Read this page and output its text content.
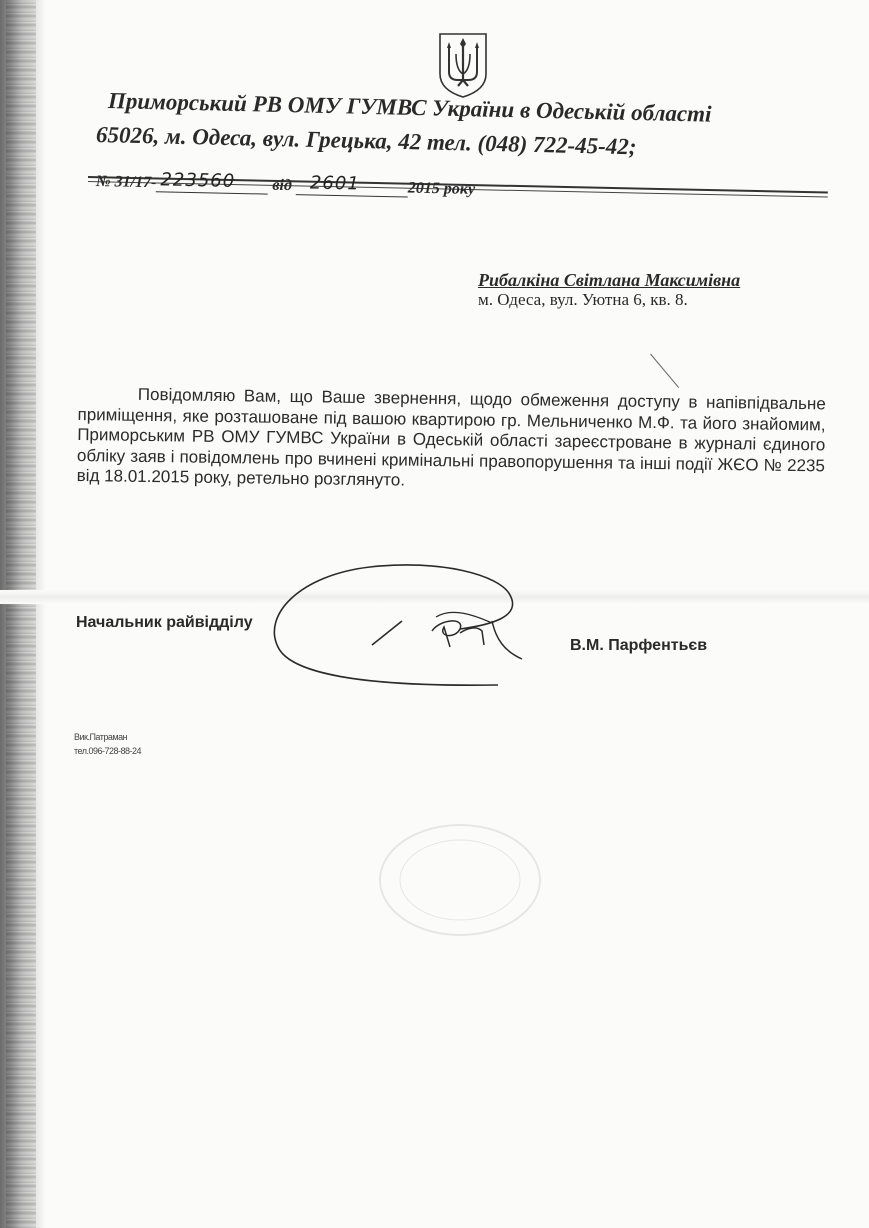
Приморський РВ ОМУ ГУМВС України в Одеській області
65026, м. Одеса, вул. Грецька, 42 тел. (048) 722-45-42;
№ 31/17- 223560 від 2601	2015 року
Рибалкіна Світлана Максимівна
м. Одеса, вул. Уютна 6, кв. 8.
Повідомляю Вам, що Ваше звернення, щодо обмеження доступу в напівпідвальне приміщення, яке розташоване під вашою квартирою гр. Мельниченко М.Ф. та його знайомим, Приморським РВ ОМУ ГУМВС України в Одеській області зареєстроване в журналі єдиного обліку заяв і повідомлень про вчинені кримінальні правопорушення та інші події ЖЄО № 2235 від 18.01.2015 року, ретельно розглянуто.
Начальник райвідділу
В.М. Парфентьєв
Вик.Патраман
тел.096-728-88-24
